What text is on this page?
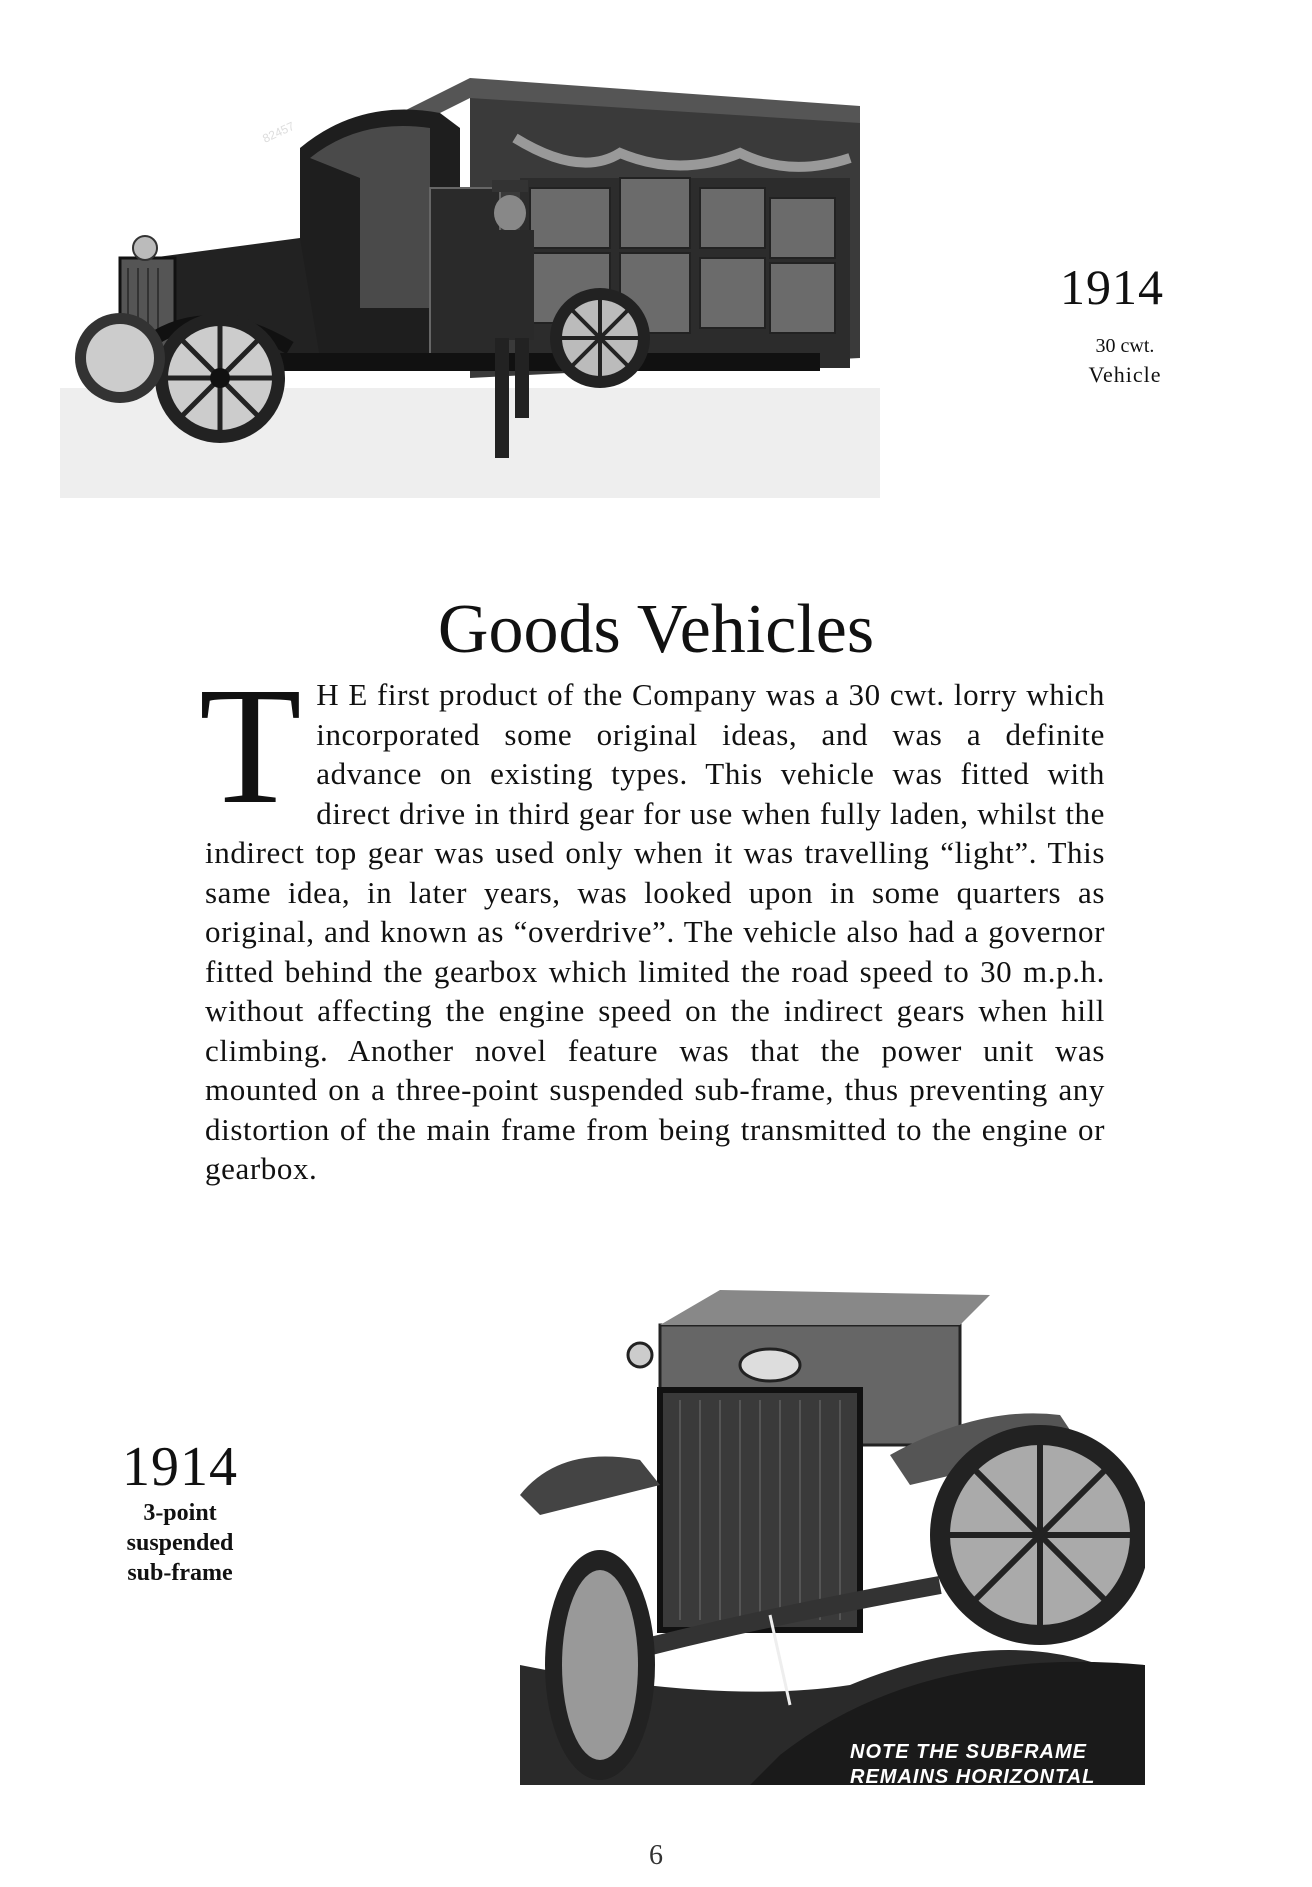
82457
1914
30 cwt.
Vehicle
Goods Vehicles
T H E first product of the Company was a 30 cwt. lorry which incorporated some original ideas, and was a definite advance on existing types. This vehicle was fitted with direct drive in third gear for use when fully laden, whilst the indirect top gear was used only when it was travelling “light”. This same idea, in later years, was looked upon in some quarters as original, and known as “overdrive”. The vehicle also had a governor fitted behind the gearbox which limited the road speed to 30 m.p.h. without affecting the engine speed on the indirect gears when hill climbing. Another novel feature was that the power unit was mounted on a three-point suspended sub-frame, thus preventing any distortion of the main frame from being transmitted to the engine or gearbox.
NOTE THE SUBFRAME
REMAINS HORIZONTAL
1914
3-point
suspended
sub-frame
6
